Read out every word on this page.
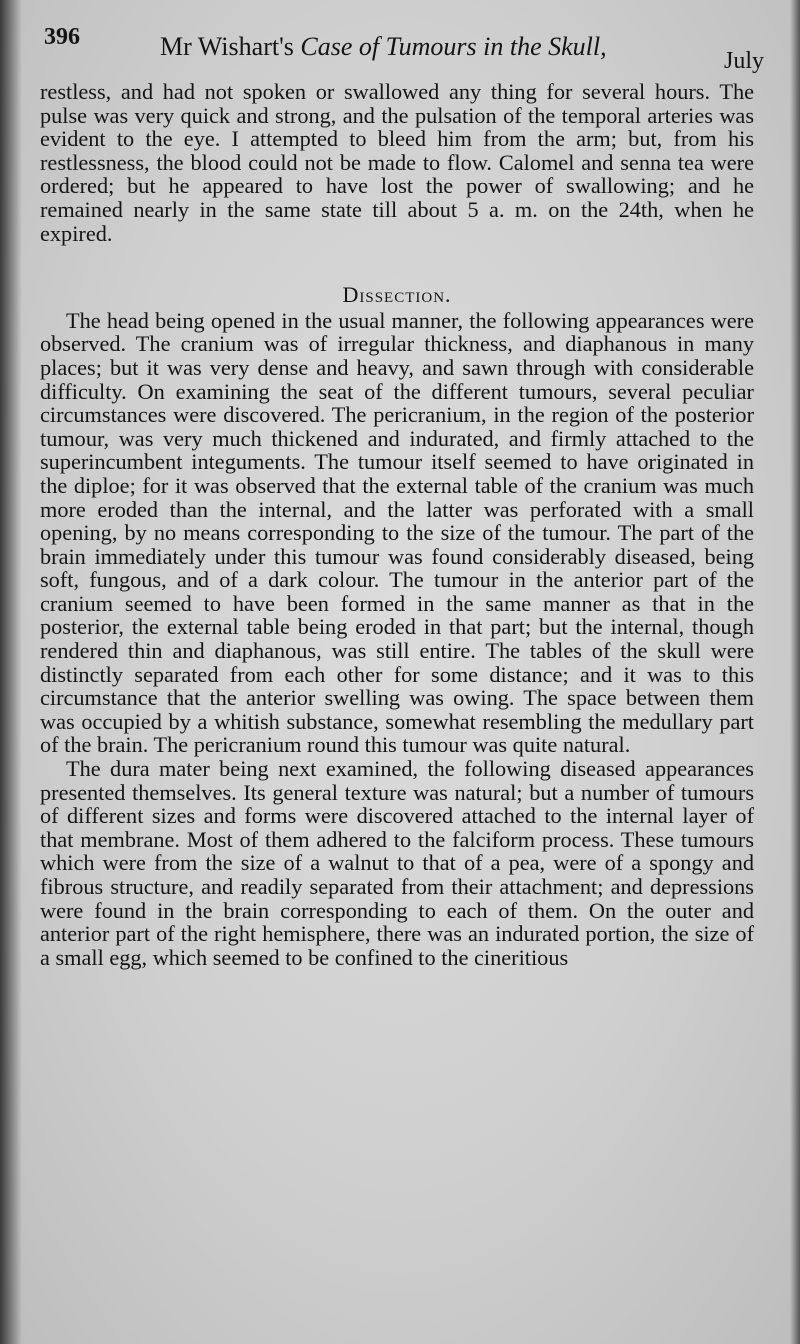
396	Mr Wishart's Case of Tumours in the Skull,	July

restless, and had not spoken or swallowed any thing for several hours. The pulse was very quick and strong, and the pulsation of the temporal arteries was evident to the eye. I attempted to bleed him from the arm; but, from his restlessness, the blood could not be made to flow. Calomel and senna tea were ordered; but he appeared to have lost the power of swallowing; and he remained nearly in the same state till about 5 a. m. on the 24th, when he expired.

Dissection.

The head being opened in the usual manner, the following appearances were observed. The cranium was of irregular thickness, and diaphanous in many places; but it was very dense and heavy, and sawn through with considerable difficulty. On examining the seat of the different tumours, several peculiar circumstances were discovered. The pericranium, in the region of the posterior tumour, was very much thickened and indurated, and firmly attached to the superincumbent integuments. The tumour itself seemed to have originated in the diploe; for it was observed that the external table of the cranium was much more eroded than the internal, and the latter was perforated with a small opening, by no means corresponding to the size of the tumour. The part of the brain immediately under this tumour was found considerably diseased, being soft, fungous, and of a dark colour. The tumour in the anterior part of the cranium seemed to have been formed in the same manner as that in the posterior, the external table being eroded in that part; but the internal, though rendered thin and diaphanous, was still entire. The tables of the skull were distinctly separated from each other for some distance; and it was to this circumstance that the anterior swelling was owing. The space between them was occupied by a whitish substance, somewhat resembling the medullary part of the brain. The pericranium round this tumour was quite natural.

The dura mater being next examined, the following diseased appearances presented themselves. Its general texture was natural; but a number of tumours of different sizes and forms were discovered attached to the internal layer of that membrane. Most of them adhered to the falciform process. These tumours which were from the size of a walnut to that of a pea, were of a spongy and fibrous structure, and readily separated from their attachment; and depressions were found in the brain corresponding to each of them. On the outer and anterior part of the right hemisphere, there was an indurated portion, the size of a small egg, which seemed to be confined to the cineritious
